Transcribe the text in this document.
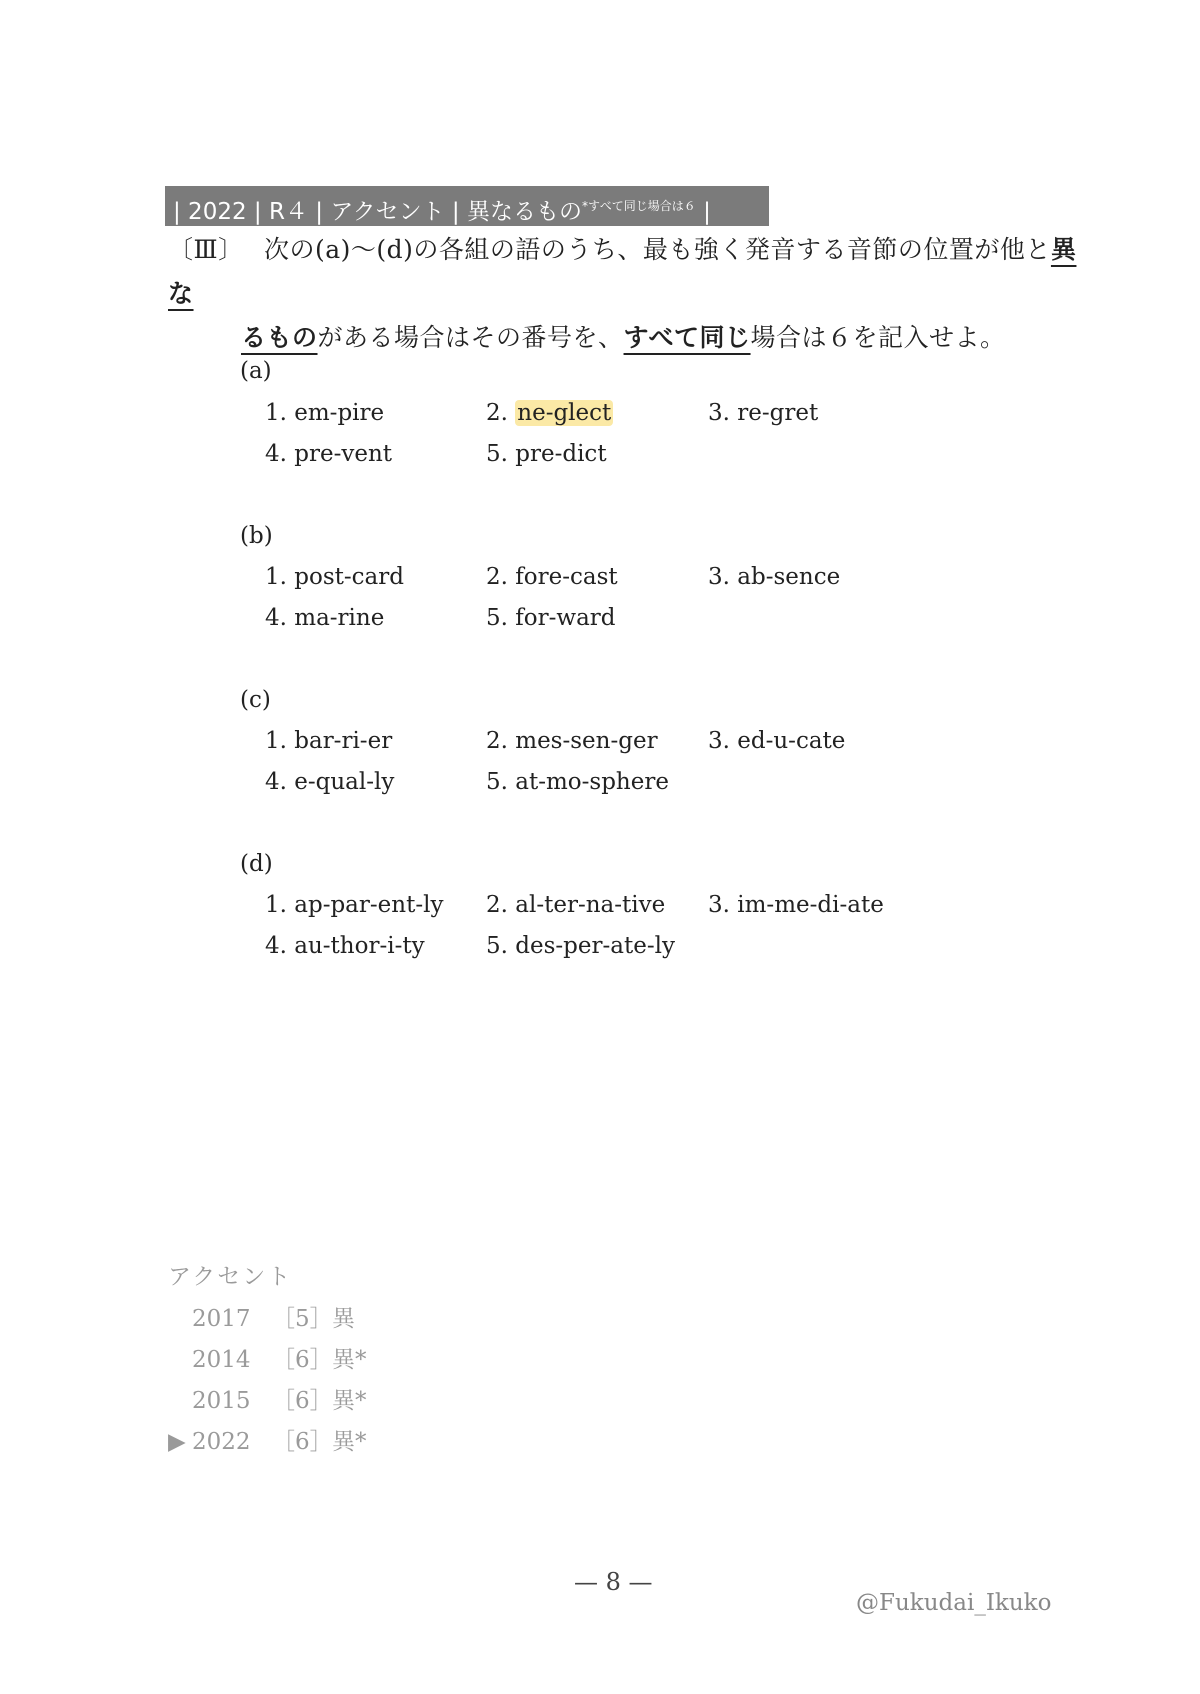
| 2022 | R４ | アクセント | 異なるもの$^{*すべて同じ場合は6}$ |
〔Ⅲ〕 次の(a)〜(d)の各組の語のうち、最も強く発音する音節の位置が他と異な
るものがある場合はその番号を、すべて同じ場合は６を記入せよ。
(a)
1. em-pire	2. ne-glect	3. re-gret
4. pre-vent	5. pre-dict
(b)
1. post-card	2. fore-cast	3. ab-sence
4. ma-rine	5. for-ward
(c)
1. bar-ri-er	2. mes-sen-ger 3. ed-u-cate
4. e-qual-ly	5. at-mo-sphere
(d)
1. ap-par-ent-ly 2. al-ter-na-tive 3. im-me-di-ate
4. au-thor-i-ty	5. des-per-ate-ly
アクセント
2017 ［5］異
2014 ［6］異*
2015 ［6］異*
▶ 2022 ［6］異*
— 8 —
@Fukudai_Ikuko
